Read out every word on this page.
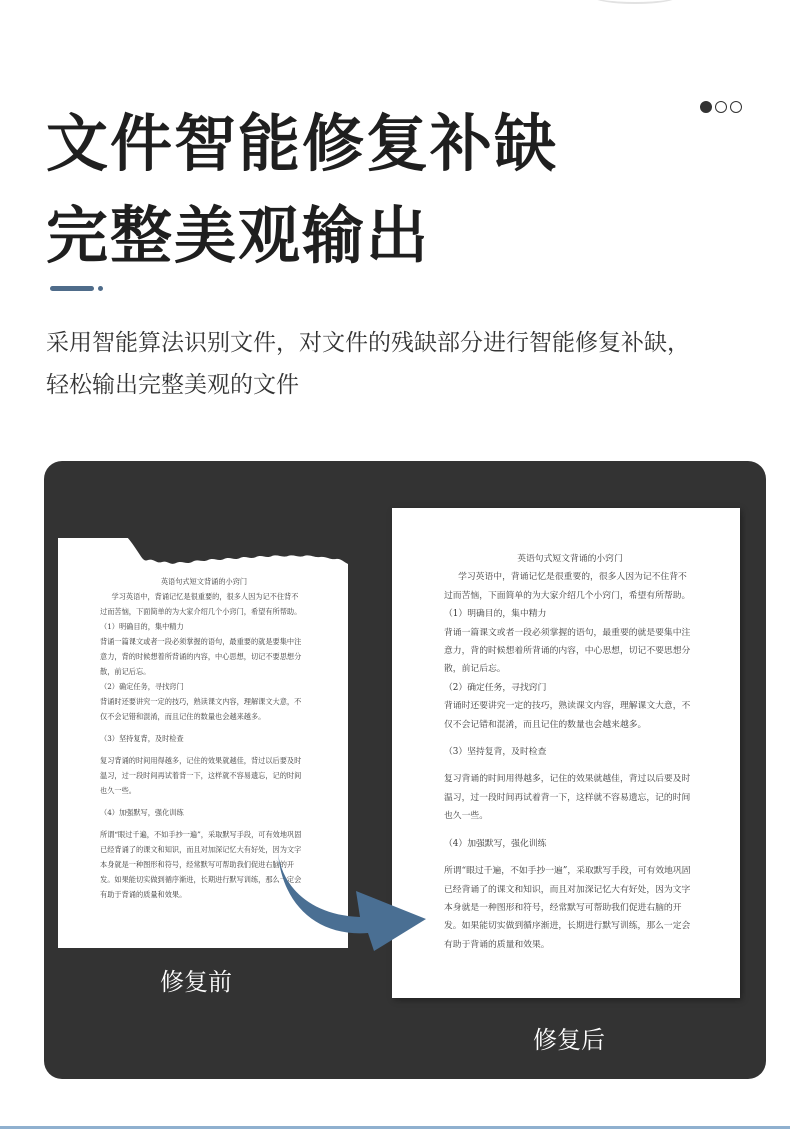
文件智能修复补缺
完整美观输出
采用智能算法识别文件，对文件的残缺部分进行智能修复补缺，
轻松输出完整美观的文件
英语句式短文背诵的小窍门
学习英语中，背诵记忆是很重要的，很多人因为记不住背不
过而苦恼，下面简单的为大家介绍几个小窍门，希望有所帮助。
（1）明确目的，集中精力
背诵一篇课文或者一段必须掌握的语句，最重要的就是要集中注
意力，背的时候想着所背诵的内容，中心思想，切记不要思想分
散，前记后忘。
（2）确定任务，寻找窍门
背诵时还要讲究一定的技巧，熟读课文内容，理解课文大意，不
仅不会记错和混淆，而且记住的数量也会越来越多。
（3）坚持复背，及时检查
复习背诵的时间用得越多，记住的效果就越佳，背过以后要及时
温习，过一段时间再试着背一下，这样就不容易遗忘，记的时间
也久一些。
（4）加强默写，强化训练
所谓“眼过千遍，不如手抄一遍”，采取默写手段，可有效地巩固
已经背诵了的课文和知识，而且对加深记忆大有好处，因为文字
本身就是一种图形和符号，经常默写可帮助我们促进右脑的开
发。如果能切实做到循序渐进，长期进行默写训练，那么一定会
有助于背诵的质量和效果。
英语句式短文背诵的小窍门
学习英语中，背诵记忆是很重要的，很多人因为记不住背不
过而苦恼，下面简单的为大家介绍几个小窍门，希望有所帮助。
（1）明确目的，集中精力
背诵一篇课文或者一段必须掌握的语句，最重要的就是要集中注
意力，背的时候想着所背诵的内容，中心思想，切记不要思想分
散，前记后忘。
（2）确定任务，寻找窍门
背诵时还要讲究一定的技巧，熟读课文内容，理解课文大意，不
仅不会记错和混淆，而且记住的数量也会越来越多。
（3）坚持复背，及时检查
复习背诵的时间用得越多，记住的效果就越佳，背过以后要及时
温习，过一段时间再试着背一下，这样就不容易遗忘，记的时间
也久一些。
（4）加强默写，强化训练
所谓“眼过千遍，不如手抄一遍”，采取默写手段，可有效地巩固
已经背诵了的课文和知识，而且对加深记忆大有好处，因为文字
本身就是一种图形和符号，经常默写可帮助我们促进右脑的开
发。如果能切实做到循序渐进，长期进行默写训练，那么一定会
有助于背诵的质量和效果。
修复前
修复后
